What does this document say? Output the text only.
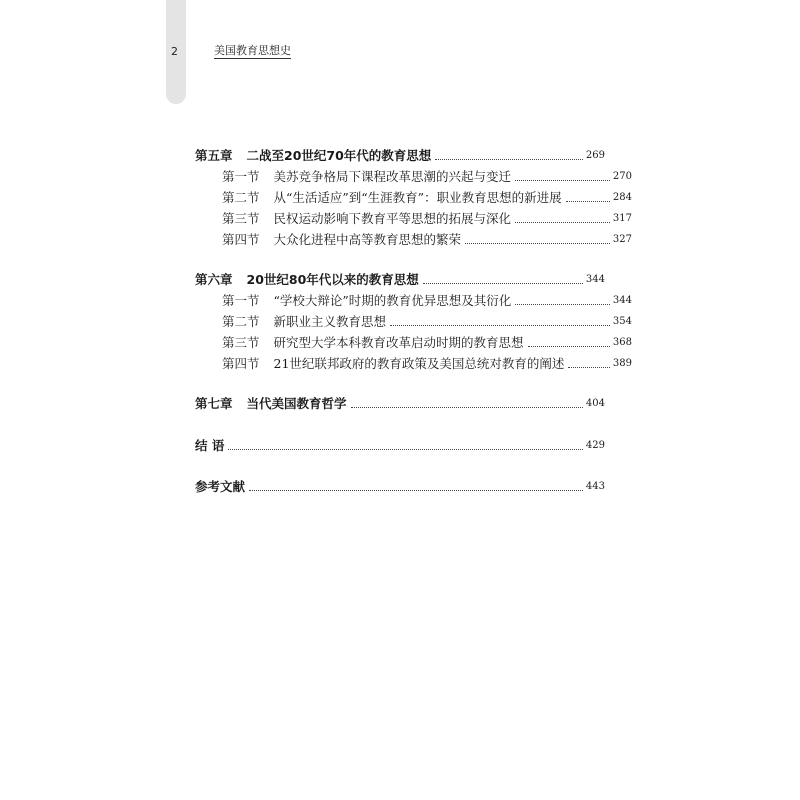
2	美国教育思想史
第五章 二战至20世纪70年代的教育思想	269
第一节 美苏竞争格局下课程改革思潮的兴起与变迁	270
第二节 从“生活适应”到“生涯教育”：职业教育思想的新进展	284
第三节 民权运动影响下教育平等思想的拓展与深化	317
第四节 大众化进程中高等教育思想的繁荣	327
第六章 20世纪80年代以来的教育思想	344
第一节 “学校大辩论”时期的教育优异思想及其衍化	344
第二节 新职业主义教育思想	354
第三节 研究型大学本科教育改革启动时期的教育思想	368
第四节 21世纪联邦政府的教育政策及美国总统对教育的阐述	389
第七章 当代美国教育哲学	404
结 语	429
参考文献	443
